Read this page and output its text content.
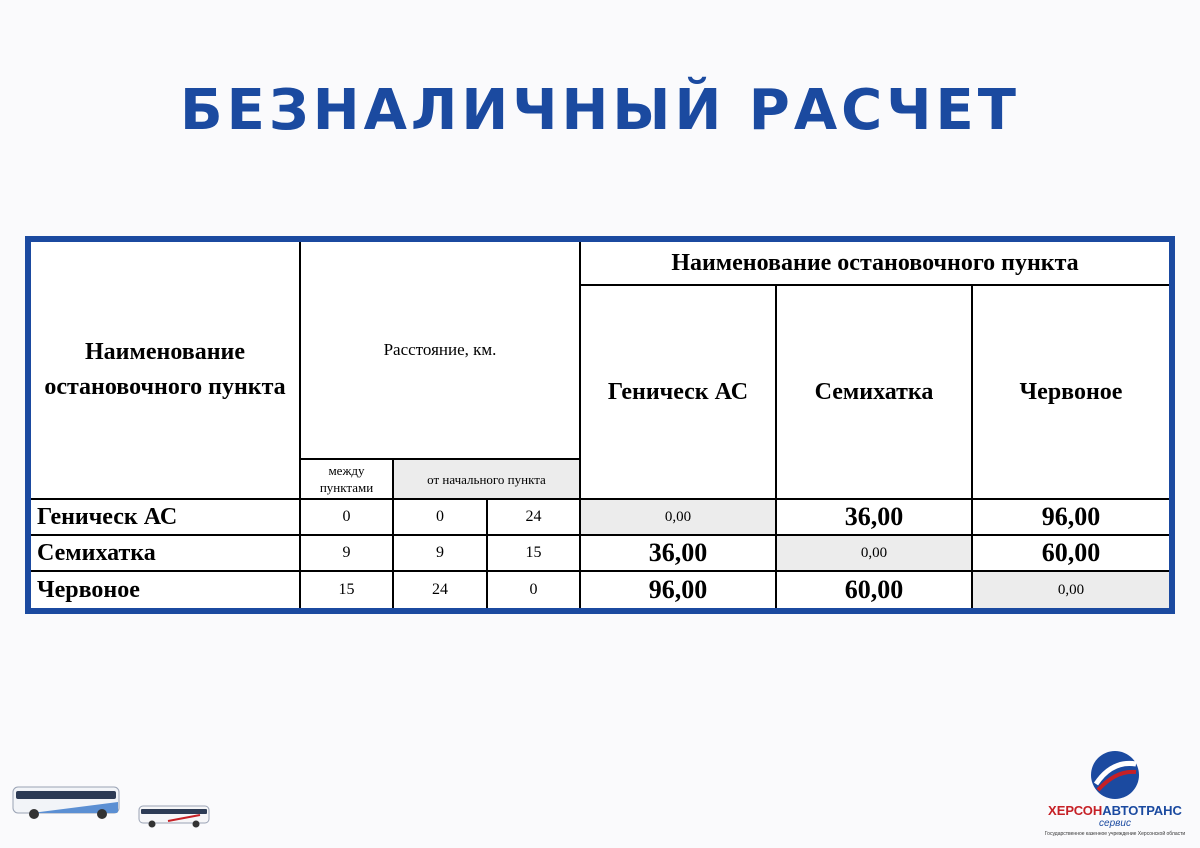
БЕЗНАЛИЧНЫЙ РАСЧЕТ
Наименование остановочного пункта
Расстояние, км.
между пунктами
от начального пункта
Наименование остановочного пункта
Геническ АС	Семихатка	Червоное
Геническ АС	0	0	24	0,00	36,00	96,00
Семихатка	9	9	15	36,00	0,00	60,00
Червоное	15	24	0	96,00	60,00	0,00
ХЕРСОНАВТОТРАНС
сервис
Государственное казенное учреждение Херсонской области
